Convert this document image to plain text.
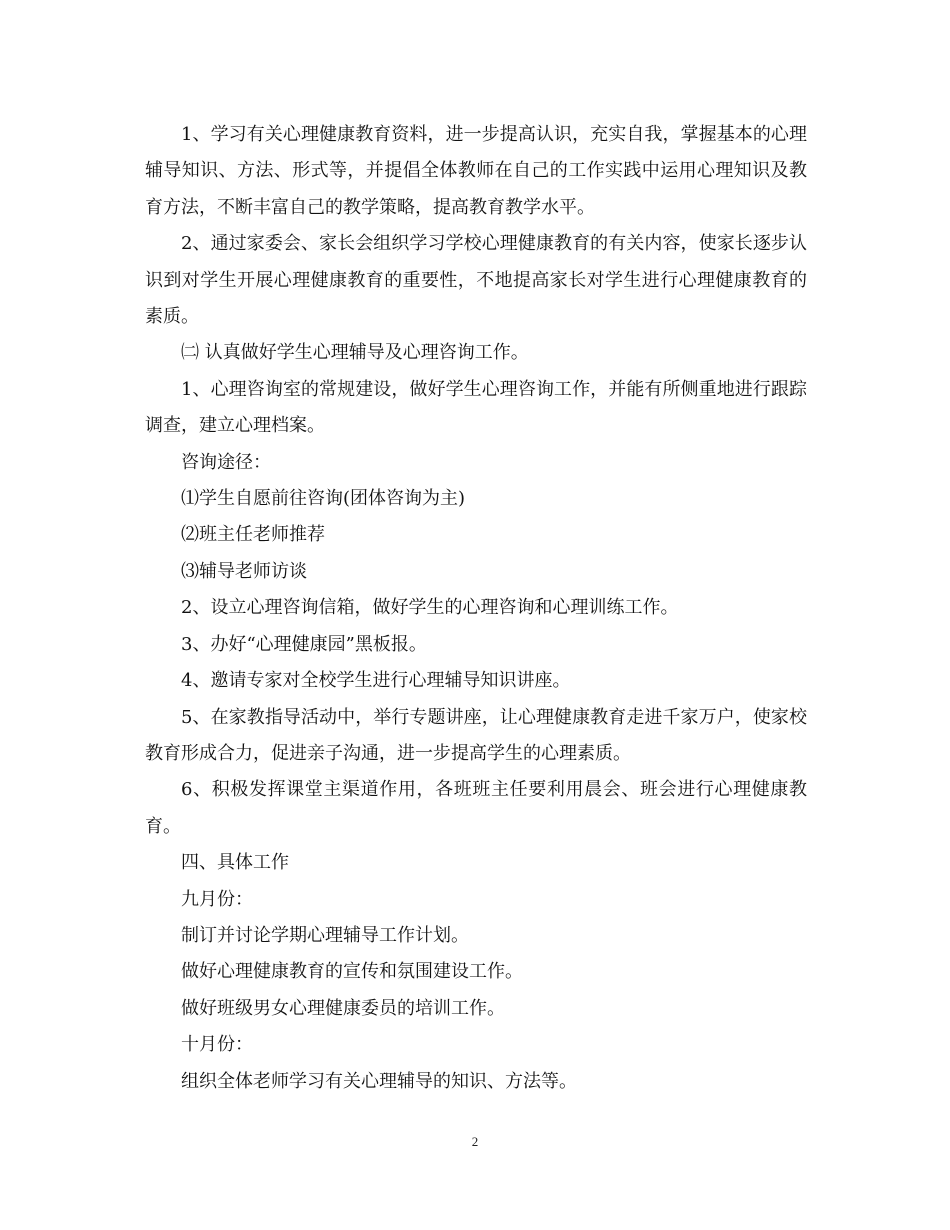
1、学习有关心理健康教育资料，进一步提高认识，充实自我，掌握基本的心理辅导知识、方法、形式等，并提倡全体教师在自己的工作实践中运用心理知识及教育方法，不断丰富自己的教学策略，提高教育教学水平。

2、通过家委会、家长会组织学习学校心理健康教育的有关内容，使家长逐步认识到对学生开展心理健康教育的重要性，不地提高家长对学生进行心理健康教育的素质。

㈡ 认真做好学生心理辅导及心理咨询工作。

1、心理咨询室的常规建设，做好学生心理咨询工作，并能有所侧重地进行跟踪调查，建立心理档案。

咨询途径：

⑴学生自愿前往咨询(团体咨询为主)

⑵班主任老师推荐

⑶辅导老师访谈

2、设立心理咨询信箱，做好学生的心理咨询和心理训练工作。

3、办好“心理健康园”黑板报。

4、邀请专家对全校学生进行心理辅导知识讲座。

5、在家教指导活动中，举行专题讲座，让心理健康教育走进千家万户，使家校教育形成合力，促进亲子沟通，进一步提高学生的心理素质。

6、积极发挥课堂主渠道作用，各班班主任要利用晨会、班会进行心理健康教育。

四、具体工作

九月份：

制订并讨论学期心理辅导工作计划。

做好心理健康教育的宣传和氛围建设工作。

做好班级男女心理健康委员的培训工作。

十月份：

组织全体老师学习有关心理辅导的知识、方法等。

2
